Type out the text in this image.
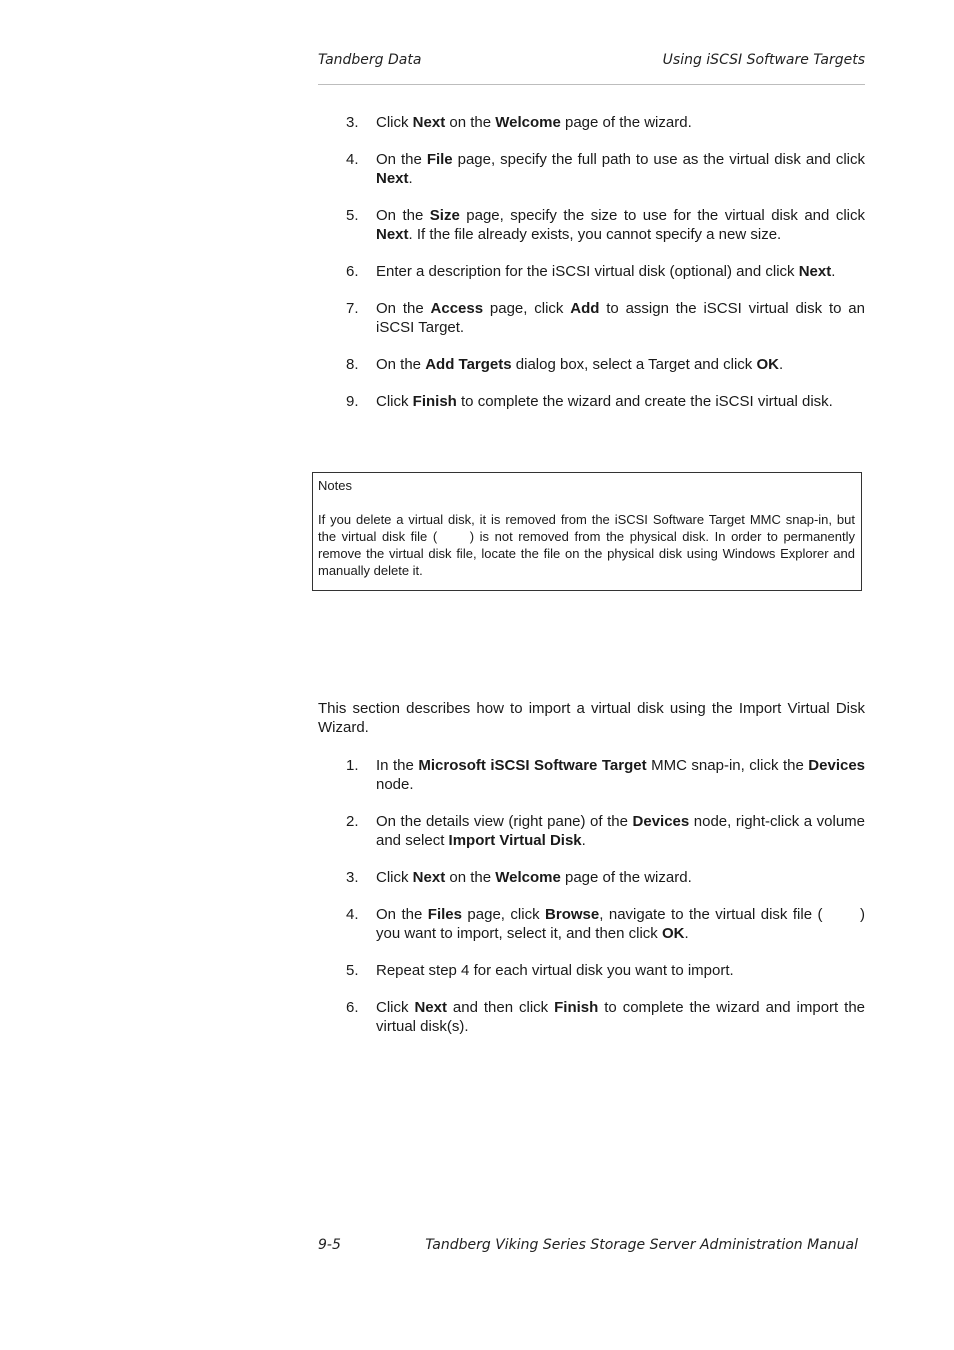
Tandberg Data	Using iSCSI Software Targets
3. Click Next on the Welcome page of the wizard.
4. On the File page, specify the full path to use as the virtual disk and click Next.
5. On the Size page, specify the size to use for the virtual disk and click Next. If the file already exists, you cannot specify a new size.
6. Enter a description for the iSCSI virtual disk (optional) and click Next.
7. On the Access page, click Add to assign the iSCSI virtual disk to an iSCSI Target.
8. On the Add Targets dialog box, select a Target and click OK.
9. Click Finish to complete the wizard and create the iSCSI virtual disk.
Notes
If you delete a virtual disk, it is removed from the iSCSI Software Target MMC snap-in, but the virtual disk file (   ) is not removed from the physical disk. In order to permanently remove the virtual disk file, locate the file on the physical disk using Windows Explorer and manually delete it.

This section describes how to import a virtual disk using the Import Virtual Disk Wizard.

1. In the Microsoft iSCSI Software Target MMC snap-in, click the Devices node.
2. On the details view (right pane) of the Devices node, right-click a volume and select Import Virtual Disk.
3. Click Next on the Welcome page of the wizard.
4. On the Files page, click Browse, navigate to the virtual disk file (   ) you want to import, select it, and then click OK.
5. Repeat step 4 for each virtual disk you want to import.
6. Click Next and then click Finish to complete the wizard and import the virtual disk(s).
9-5	Tandberg Viking Series Storage Server Administration Manual
